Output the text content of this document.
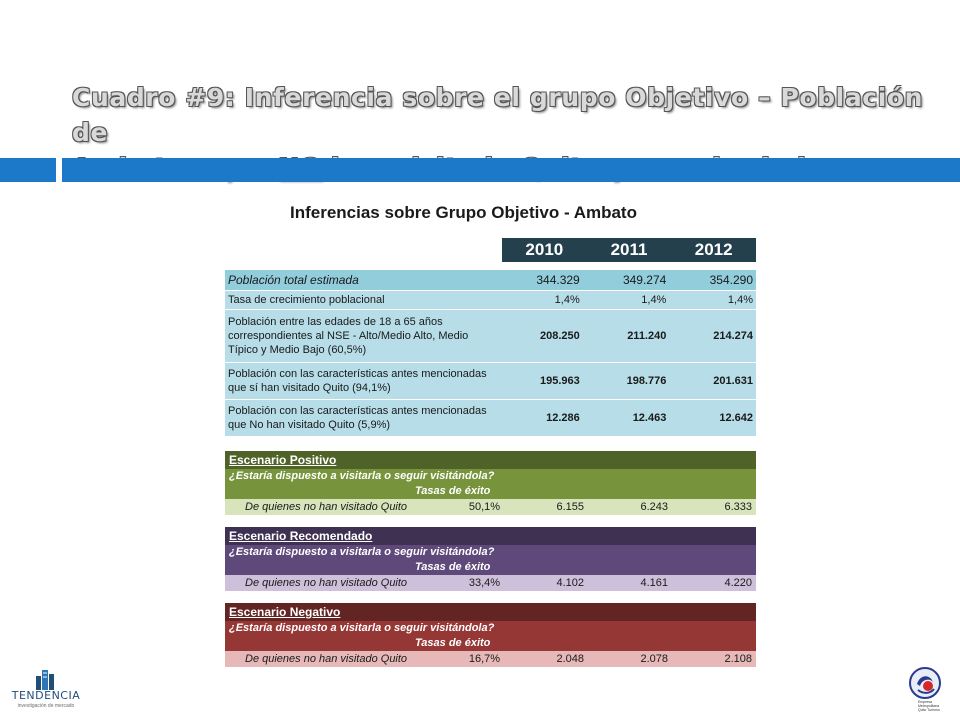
Cuadro #9: Inferencia sobre el grupo Objetivo – Población de

Inferencias sobre Grupo Objetivo - Ambato
2010	2011	2012
Población total estimada	344.329	349.274	354.290
Tasa de crecimiento poblacional	1,4%	1,4%	1,4%
Población entre las edades de 18 a 65 años correspondientes al NSE - Alto/Medio Alto, Medio Típico y Medio Bajo (60,5%)	208.250	211.240	214.274
Población con las características antes mencionadas que sí han visitado Quito (94,1%)	195.963	198.776	201.631
Población con las características antes mencionadas que No han visitado Quito (5,9%)	12.286	12.463	12.642
Escenario Positivo
¿Estaría dispuesto a visitarla o seguir visitándola?
Tasas de éxito
De quienes no han visitado Quito	50,1%	6.155	6.243	6.333
Escenario Recomendado
¿Estaría dispuesto a visitarla o seguir visitándola?
Tasas de éxito
De quienes no han visitado Quito	33,4%	4.102	4.161	4.220
Escenario Negativo
¿Estaría dispuesto a visitarla o seguir visitándola?
Tasas de éxito
De quienes no han visitado Quito	16,7%	2.048	2.078	2.108
TENDENCIA
investigación de mercado
Empresa
Metropolitana
Quito Turismo
